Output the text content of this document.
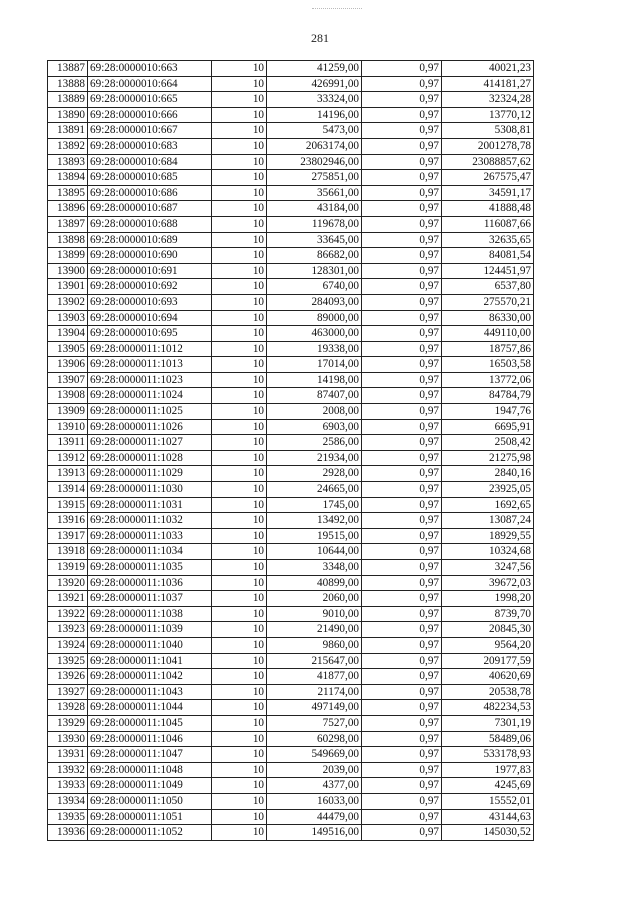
281
13887	69:28:0000010:663	10	41259,00	0,97	40021,23
13888	69:28:0000010:664	10	426991,00	0,97	414181,27
13889	69:28:0000010:665	10	33324,00	0,97	32324,28
13890	69:28:0000010:666	10	14196,00	0,97	13770,12
13891	69:28:0000010:667	10	5473,00	0,97	5308,81
13892	69:28:0000010:683	10	2063174,00	0,97	2001278,78
13893	69:28:0000010:684	10	23802946,00	0,97	23088857,62
13894	69:28:0000010:685	10	275851,00	0,97	267575,47
13895	69:28:0000010:686	10	35661,00	0,97	34591,17
13896	69:28:0000010:687	10	43184,00	0,97	41888,48
13897	69:28:0000010:688	10	119678,00	0,97	116087,66
13898	69:28:0000010:689	10	33645,00	0,97	32635,65
13899	69:28:0000010:690	10	86682,00	0,97	84081,54
13900	69:28:0000010:691	10	128301,00	0,97	124451,97
13901	69:28:0000010:692	10	6740,00	0,97	6537,80
13902	69:28:0000010:693	10	284093,00	0,97	275570,21
13903	69:28:0000010:694	10	89000,00	0,97	86330,00
13904	69:28:0000010:695	10	463000,00	0,97	449110,00
13905	69:28:0000011:1012	10	19338,00	0,97	18757,86
13906	69:28:0000011:1013	10	17014,00	0,97	16503,58
13907	69:28:0000011:1023	10	14198,00	0,97	13772,06
13908	69:28:0000011:1024	10	87407,00	0,97	84784,79
13909	69:28:0000011:1025	10	2008,00	0,97	1947,76
13910	69:28:0000011:1026	10	6903,00	0,97	6695,91
13911	69:28:0000011:1027	10	2586,00	0,97	2508,42
13912	69:28:0000011:1028	10	21934,00	0,97	21275,98
13913	69:28:0000011:1029	10	2928,00	0,97	2840,16
13914	69:28:0000011:1030	10	24665,00	0,97	23925,05
13915	69:28:0000011:1031	10	1745,00	0,97	1692,65
13916	69:28:0000011:1032	10	13492,00	0,97	13087,24
13917	69:28:0000011:1033	10	19515,00	0,97	18929,55
13918	69:28:0000011:1034	10	10644,00	0,97	10324,68
13919	69:28:0000011:1035	10	3348,00	0,97	3247,56
13920	69:28:0000011:1036	10	40899,00	0,97	39672,03
13921	69:28:0000011:1037	10	2060,00	0,97	1998,20
13922	69:28:0000011:1038	10	9010,00	0,97	8739,70
13923	69:28:0000011:1039	10	21490,00	0,97	20845,30
13924	69:28:0000011:1040	10	9860,00	0,97	9564,20
13925	69:28:0000011:1041	10	215647,00	0,97	209177,59
13926	69:28:0000011:1042	10	41877,00	0,97	40620,69
13927	69:28:0000011:1043	10	21174,00	0,97	20538,78
13928	69:28:0000011:1044	10	497149,00	0,97	482234,53
13929	69:28:0000011:1045	10	7527,00	0,97	7301,19
13930	69:28:0000011:1046	10	60298,00	0,97	58489,06
13931	69:28:0000011:1047	10	549669,00	0,97	533178,93
13932	69:28:0000011:1048	10	2039,00	0,97	1977,83
13933	69:28:0000011:1049	10	4377,00	0,97	4245,69
13934	69:28:0000011:1050	10	16033,00	0,97	15552,01
13935	69:28:0000011:1051	10	44479,00	0,97	43144,63
13936	69:28:0000011:1052	10	149516,00	0,97	145030,52
